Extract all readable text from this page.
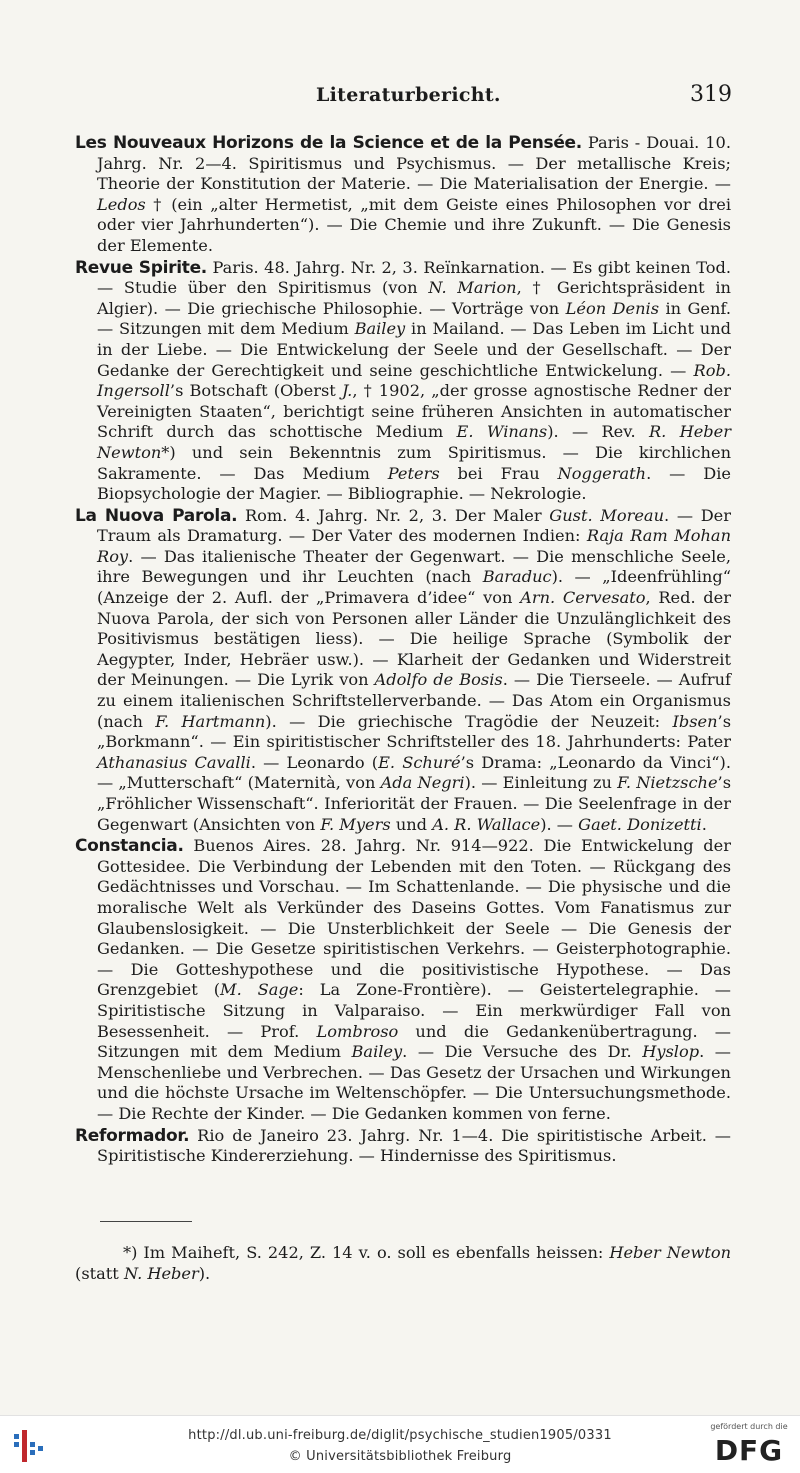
Literaturbericht.	319

Les Nouveaux Horizons de la Science et de la Pensée. Paris - Douai. 10. Jahrg. Nr. 2—4. Spiritismus und Psychismus. — Der metallische Kreis; Theorie der Konstitution der Materie. — Die Materialisation der Energie. — Ledos † (ein „alter Hermetist, „mit dem Geiste eines Philosophen vor drei oder vier Jahrhunderten“). — Die Chemie und ihre Zukunft. — Die Genesis der Elemente.

Revue Spirite. Paris. 48. Jahrg. Nr. 2, 3. Reïnkarnation. — Es gibt keinen Tod. — Studie über den Spiritismus (von N. Marion, † Gerichtspräsident in Algier). — Die griechische Philosophie. — Vorträge von Léon Denis in Genf. — Sitzungen mit dem Medium Bailey in Mailand. — Das Leben im Licht und in der Liebe. — Die Entwickelung der Seele und der Gesellschaft. — Der Gedanke der Gerechtigkeit und seine geschichtliche Entwickelung. — Rob. Ingersoll’s Botschaft (Oberst J., † 1902, „der grosse agnostische Redner der Vereinigten Staaten“, berichtigt seine früheren Ansichten in automatischer Schrift durch das schottische Medium E. Winans). — Rev. R. Heber Newton*) und sein Bekenntnis zum Spiritismus. — Die kirchlichen Sakramente. — Das Medium Peters bei Frau Noggerath. — Die Biopsychologie der Magier. — Bibliographie. — Nekrologie.

La Nuova Parola. Rom. 4. Jahrg. Nr. 2, 3. Der Maler Gust. Moreau. — Der Traum als Dramaturg. — Der Vater des modernen Indien: Raja Ram Mohan Roy. — Das italienische Theater der Gegenwart. — Die menschliche Seele, ihre Bewegungen und ihr Leuchten (nach Baraduc). — „Ideenfrühling“ (Anzeige der 2. Aufl. der „Primavera d’idee“ von Arn. Cervesato, Red. der Nuova Parola, der sich von Personen aller Länder die Unzulänglichkeit des Positivismus bestätigen liess). — Die heilige Sprache (Symbolik der Aegypter, Inder, Hebräer usw.). — Klarheit der Gedanken und Widerstreit der Meinungen. — Die Lyrik von Adolfo de Bosis. — Die Tierseele. — Aufruf zu einem italienischen Schriftstellerverbande. — Das Atom ein Organismus (nach F. Hartmann). — Die griechische Tragödie der Neuzeit: Ibsen’s „Borkmann“. — Ein spiritistischer Schriftsteller des 18. Jahrhunderts: Pater Athanasius Cavalli. — Leonardo (E. Schuré’s Drama: „Leonardo da Vinci“). — „Mutterschaft“ (Maternità, von Ada Negri). — Einleitung zu F. Nietzsche’s „Fröhlicher Wissenschaft“. Inferiorität der Frauen. — Die Seelenfrage in der Gegenwart (Ansichten von F. Myers und A. R. Wallace). — Gaet. Donizetti.

Constancia. Buenos Aires. 28. Jahrg. Nr. 914—922. Die Entwickelung der Gottesidee. Die Verbindung der Lebenden mit den Toten. — Rückgang des Gedächtnisses und Vorschau. — Im Schattenlande. — Die physische und die moralische Welt als Verkünder des Daseins Gottes. Vom Fanatismus zur Glaubenslosigkeit. — Die Unsterblichkeit der Seele — Die Genesis der Gedanken. — Die Gesetze spiritistischen Verkehrs. — Geisterphotographie. — Die Gotteshypothese und die positivistische Hypothese. — Das Grenzgebiet (M. Sage: La Zone-Frontière). — Geistertelegraphie. — Spiritistische Sitzung in Valparaiso. — Ein merkwürdiger Fall von Besessenheit. — Prof. Lombroso und die Gedankenübertragung. — Sitzungen mit dem Medium Bailey. — Die Versuche des Dr. Hyslop. — Menschenliebe und Verbrechen. — Das Gesetz der Ursachen und Wirkungen und die höchste Ursache im Weltenschöpfer. — Die Untersuchungsmethode. — Die Rechte der Kinder. — Die Gedanken kommen von ferne.

Reformador. Rio de Janeiro 23. Jahrg. Nr. 1—4. Die spiritistische Arbeit. — Spiritistische Kindererziehung. — Hindernisse des Spiritismus.

*) Im Maiheft, S. 242, Z. 14 v. o. soll es ebenfalls heissen: Heber Newton (statt N. Heber).
http://dl.ub.uni-freiburg.de/diglit/psychische_studien1905/0331
© Universitätsbibliothek Freiburg
gefördert durch die
DFG
